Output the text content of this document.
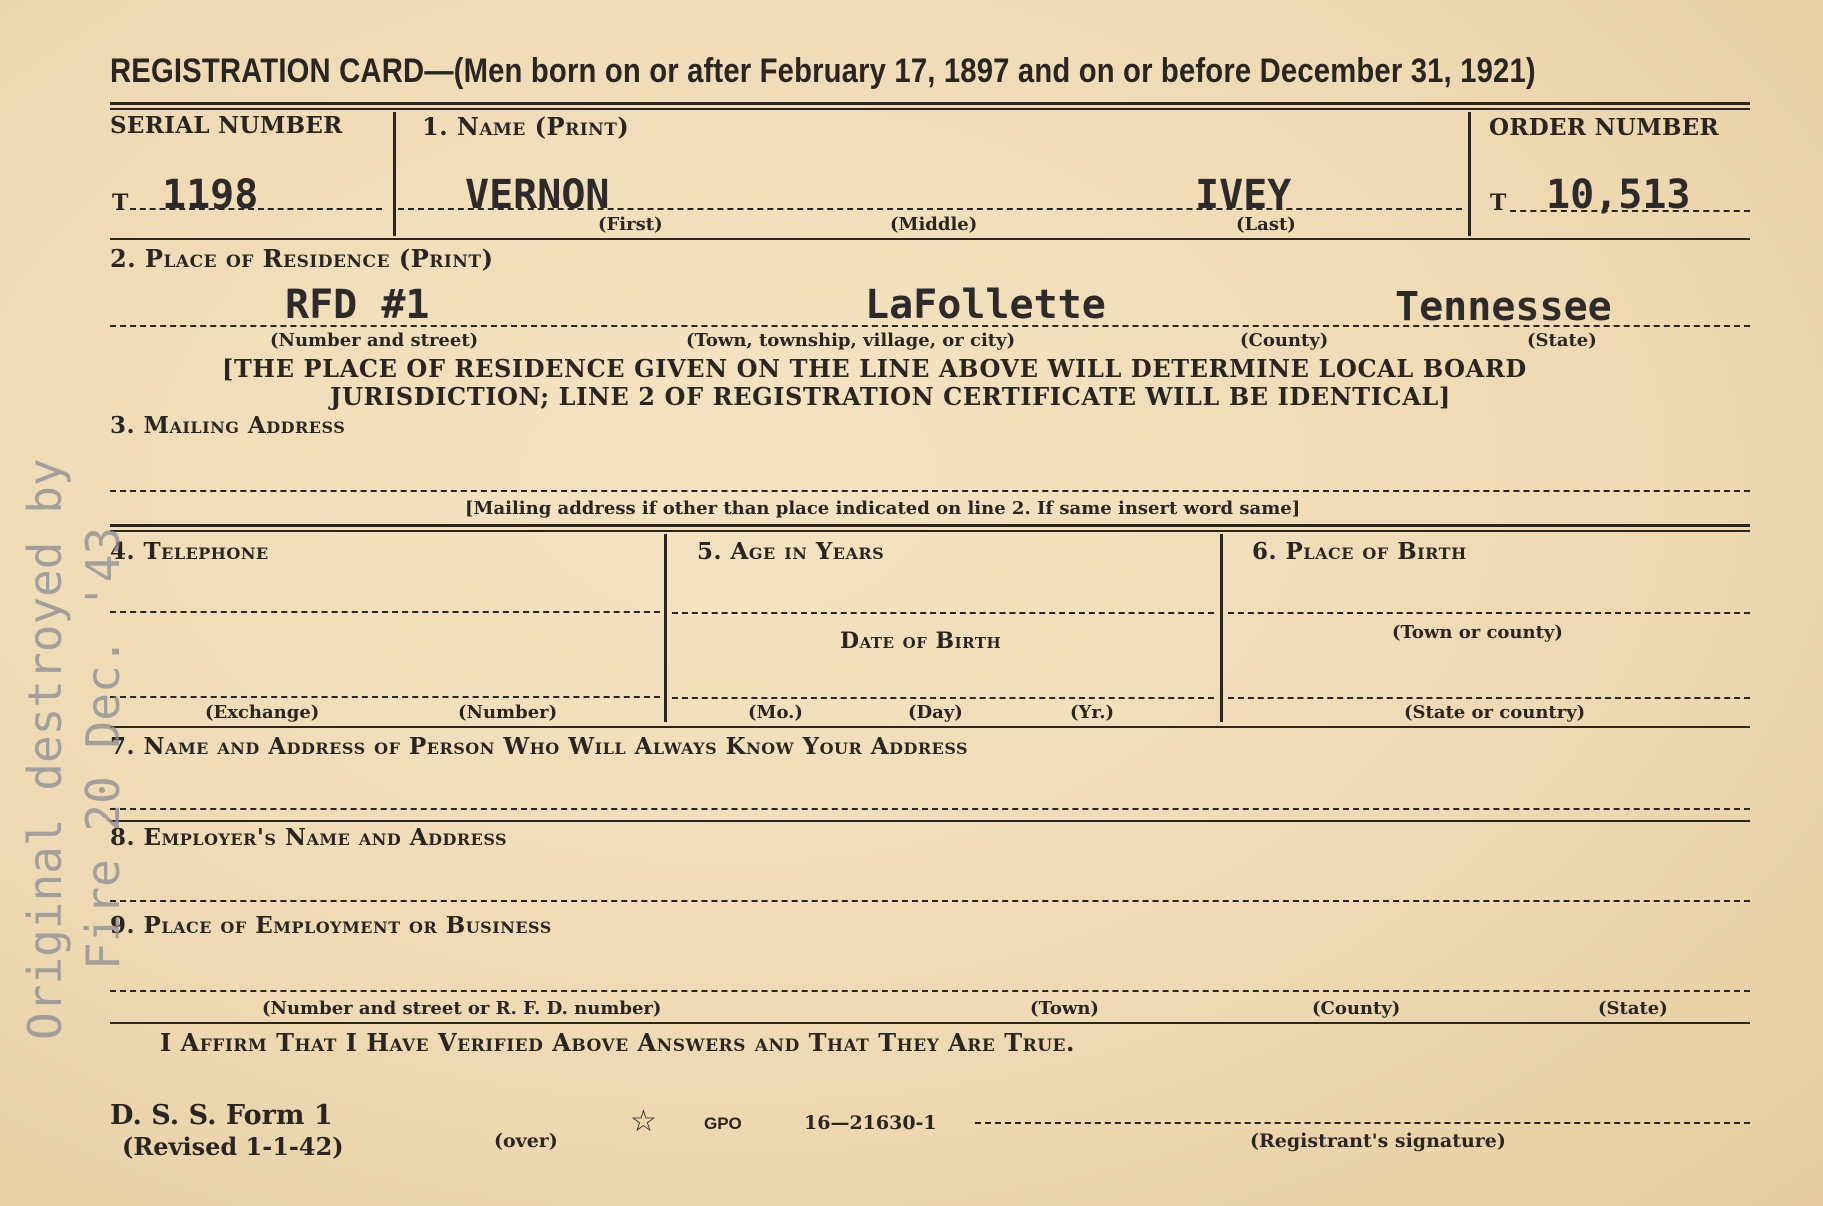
REGISTRATION CARD—(Men born on or after February 17, 1897 and on or before December 31, 1921)
SERIAL NUMBER
T 1198
1. Name (Print)
VERNON	IVEY
(First)	(Middle)	(Last)
ORDER NUMBER
T 10,513
2. Place of Residence (Print)
RFD #1	LaFollette	Tennessee
(Number and street)	(Town, township, village, or city)	(County)	(State)
[THE PLACE OF RESIDENCE GIVEN ON THE LINE ABOVE WILL DETERMINE LOCAL BOARD
JURISDICTION; LINE 2 OF REGISTRATION CERTIFICATE WILL BE IDENTICAL]
3. Mailing Address
[Mailing address if other than place indicated on line 2. If same insert word same]
4. Telephone
(Exchange)	(Number)
5. Age in Years
Date of Birth
(Mo.)	(Day)	(Yr.)
6. Place of Birth
(Town or county)
(State or country)
7. Name and Address of Person Who Will Always Know Your Address
8. Employer's Name and Address
9. Place of Employment or Business
(Number and street or R. F. D. number)	(Town)	(County)	(State)
I Affirm That I Have Verified Above Answers and That They Are True.
D. S. S. Form 1
(Revised 1-1-42)	(over)
☆	GPO	16—21630-1
(Registrant's signature)
Original destroyed by Fire 20 Dec. '43
